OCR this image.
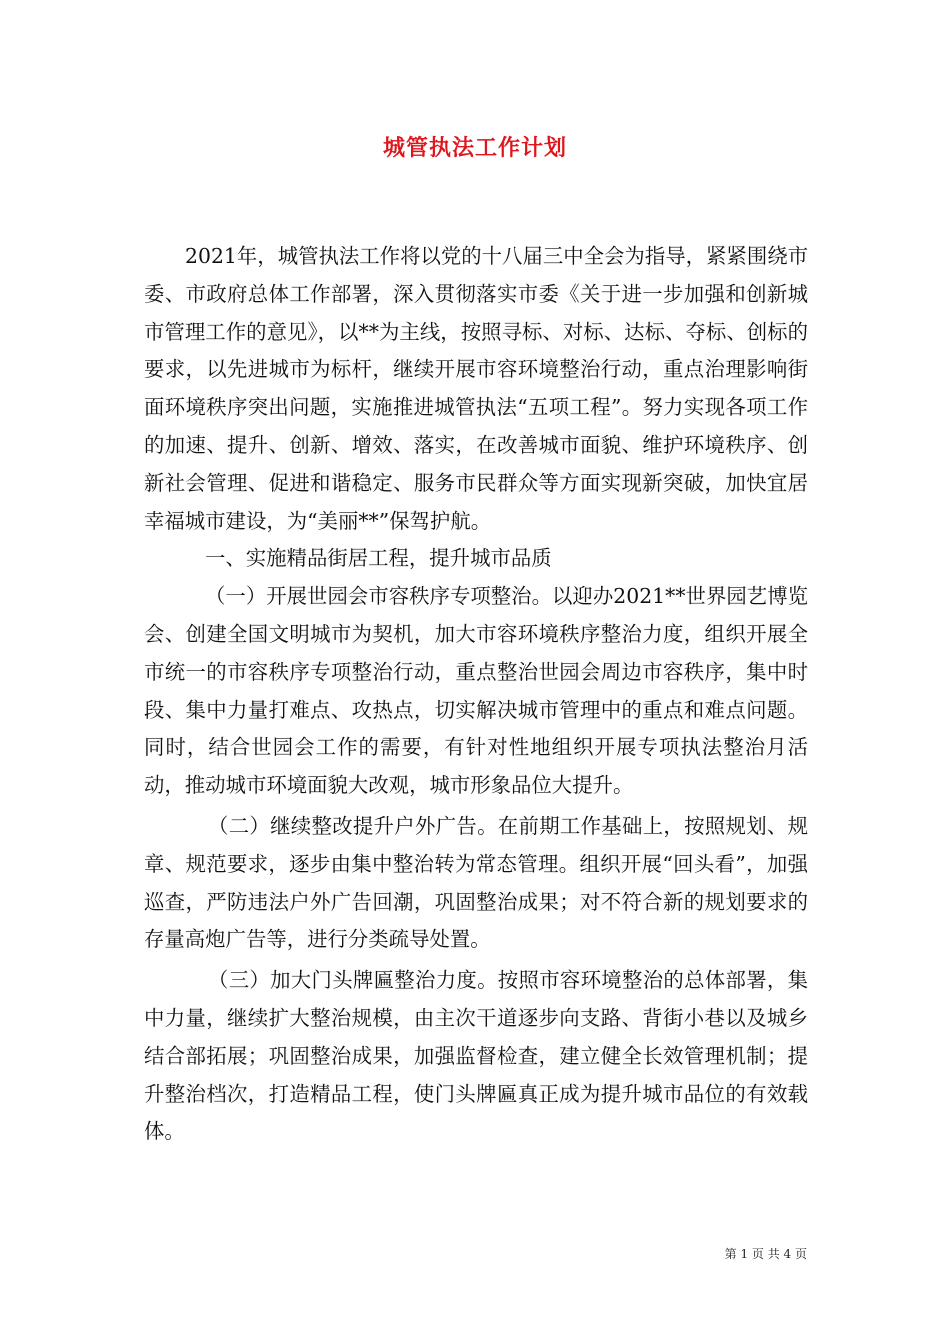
城管执法工作计划

2021年，城管执法工作将以党的十八届三中全会为指导，紧紧围绕市委、市政府总体工作部署，深入贯彻落实市委《关于进一步加强和创新城市管理工作的意见》，以**为主线，按照寻标、对标、达标、夺标、创标的要求，以先进城市为标杆，继续开展市容环境整治行动，重点治理影响街面环境秩序突出问题，实施推进城管执法“五项工程”。努力实现各项工作的加速、提升、创新、增效、落实，在改善城市面貌、维护环境秩序、创新社会管理、促进和谐稳定、服务市民群众等方面实现新突破，加快宜居幸福城市建设，为“美丽**”保驾护航。

一、实施精品街居工程，提升城市品质

（一）开展世园会市容秩序专项整治。以迎办2021**世界园艺博览会、创建全国文明城市为契机，加大市容环境秩序整治力度，组织开展全市统一的市容秩序专项整治行动，重点整治世园会周边市容秩序，集中时段、集中力量打难点、攻热点，切实解决城市管理中的重点和难点问题。同时，结合世园会工作的需要，有针对性地组织开展专项执法整治月活动，推动城市环境面貌大改观，城市形象品位大提升。

（二）继续整改提升户外广告。在前期工作基础上，按照规划、规章、规范要求，逐步由集中整治转为常态管理。组织开展“回头看”，加强巡查，严防违法户外广告回潮，巩固整治成果；对不符合新的规划要求的存量高炮广告等，进行分类疏导处置。

（三）加大门头牌匾整治力度。按照市容环境整治的总体部署，集中力量，继续扩大整治规模，由主次干道逐步向支路、背街小巷以及城乡结合部拓展；巩固整治成果，加强监督检查，建立健全长效管理机制；提升整治档次，打造精品工程，使门头牌匾真正成为提升城市品位的有效载体。

第 1 页 共 4 页
